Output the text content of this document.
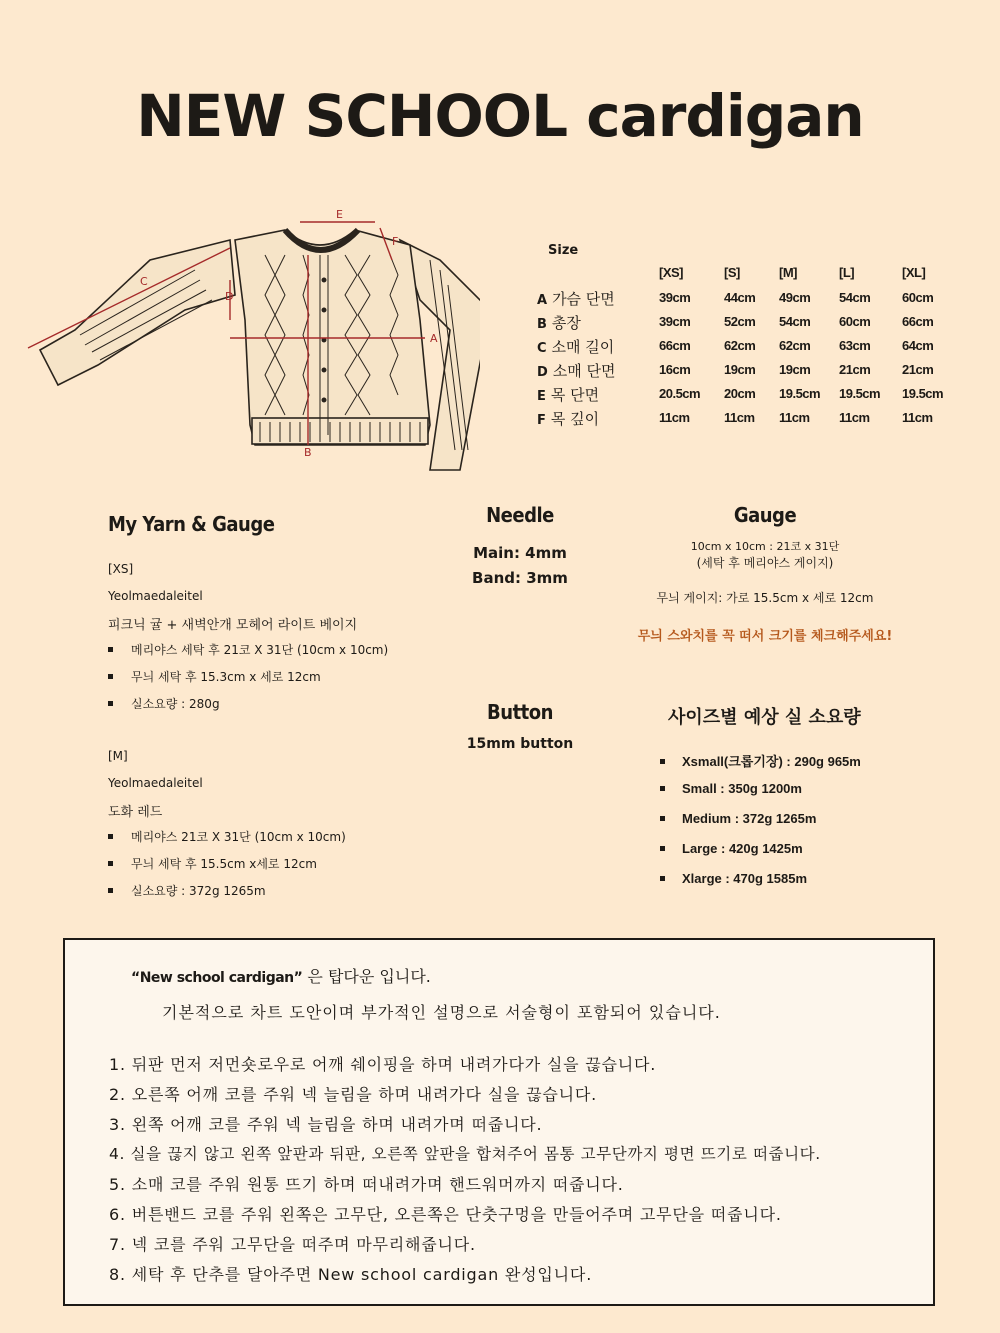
NEW SCHOOL cardigan
A
B
C
D
E
F
Size
[XS]	[S]	[M]	[L]	[XL]
A 가슴 단면	39cm	44cm 49cm 54cm 60cm
B 총장	39cm	52cm 54cm 60cm 66cm
C 소매 길이	66cm	62cm 62cm 63cm 64cm
D 소매 단면	16cm	19cm 19cm 21cm 21cm
E 목 단면	20.5cm 20cm 19.5cm 19.5cm 19.5cm
F 목 깊이	11cm	11cm 11cm 11cm 11cm
My Yarn & Gauge
[XS]
Yeolmaedaleitel
피크닉 귤 + 새벽안개 모헤어 라이트 베이지
메리야스 세탁 후 21코 X 31단 (10cm x 10cm)
무늬 세탁 후 15.3cm x 세로 12cm
실소요량 : 280g
[M]
Yeolmaedaleitel
도화 레드
메리야스 21코 X 31단 (10cm x 10cm)
무늬 세탁 후 15.5cm x세로 12cm
실소요량 : 372g 1265m
Needle
Main: 4mm
Band: 3mm
Gauge
10cm x 10cm : 21코 x 31단
(세탁 후 메리야스 게이지)
무늬 게이지: 가로 15.5cm x 세로 12cm
무늬 스와치를 꼭 떠서 크기를 체크해주세요!
Button
15mm button
사이즈별 예상 실 소요량
Xsmall(크롭기장) : 290g 965m
Small : 350g 1200m
Medium : 372g 1265m
Large : 420g 1425m
Xlarge : 470g 1585m
“New school cardigan” 은 탑다운 입니다.
기본적으로 차트 도안이며 부가적인 설명으로 서술형이 포함되어 있습니다.
1. 뒤판 먼저 저먼숏로우로 어깨 쉐이핑을 하며 내려가다가 실을 끊습니다.
2. 오른쪽 어깨 코를 주워 넥 늘림을 하며 내려가다 실을 끊습니다.
3. 왼쪽 어깨 코를 주워 넥 늘림을 하며 내려가며 떠줍니다.
4. 실을 끊지 않고 왼쪽 앞판과 뒤판, 오른쪽 앞판을 합쳐주어 몸통 고무단까지 평면 뜨기로 떠줍니다.
5. 소매 코를 주워 원통 뜨기 하며 떠내려가며 핸드워머까지 떠줍니다.
6. 버튼밴드 코를 주워 왼쪽은 고무단, 오른쪽은 단춧구멍을 만들어주며 고무단을 떠줍니다.
7. 넥 코를 주워 고무단을 떠주며 마무리해줍니다.
8. 세탁 후 단추를 달아주면 New school cardigan 완성입니다.
